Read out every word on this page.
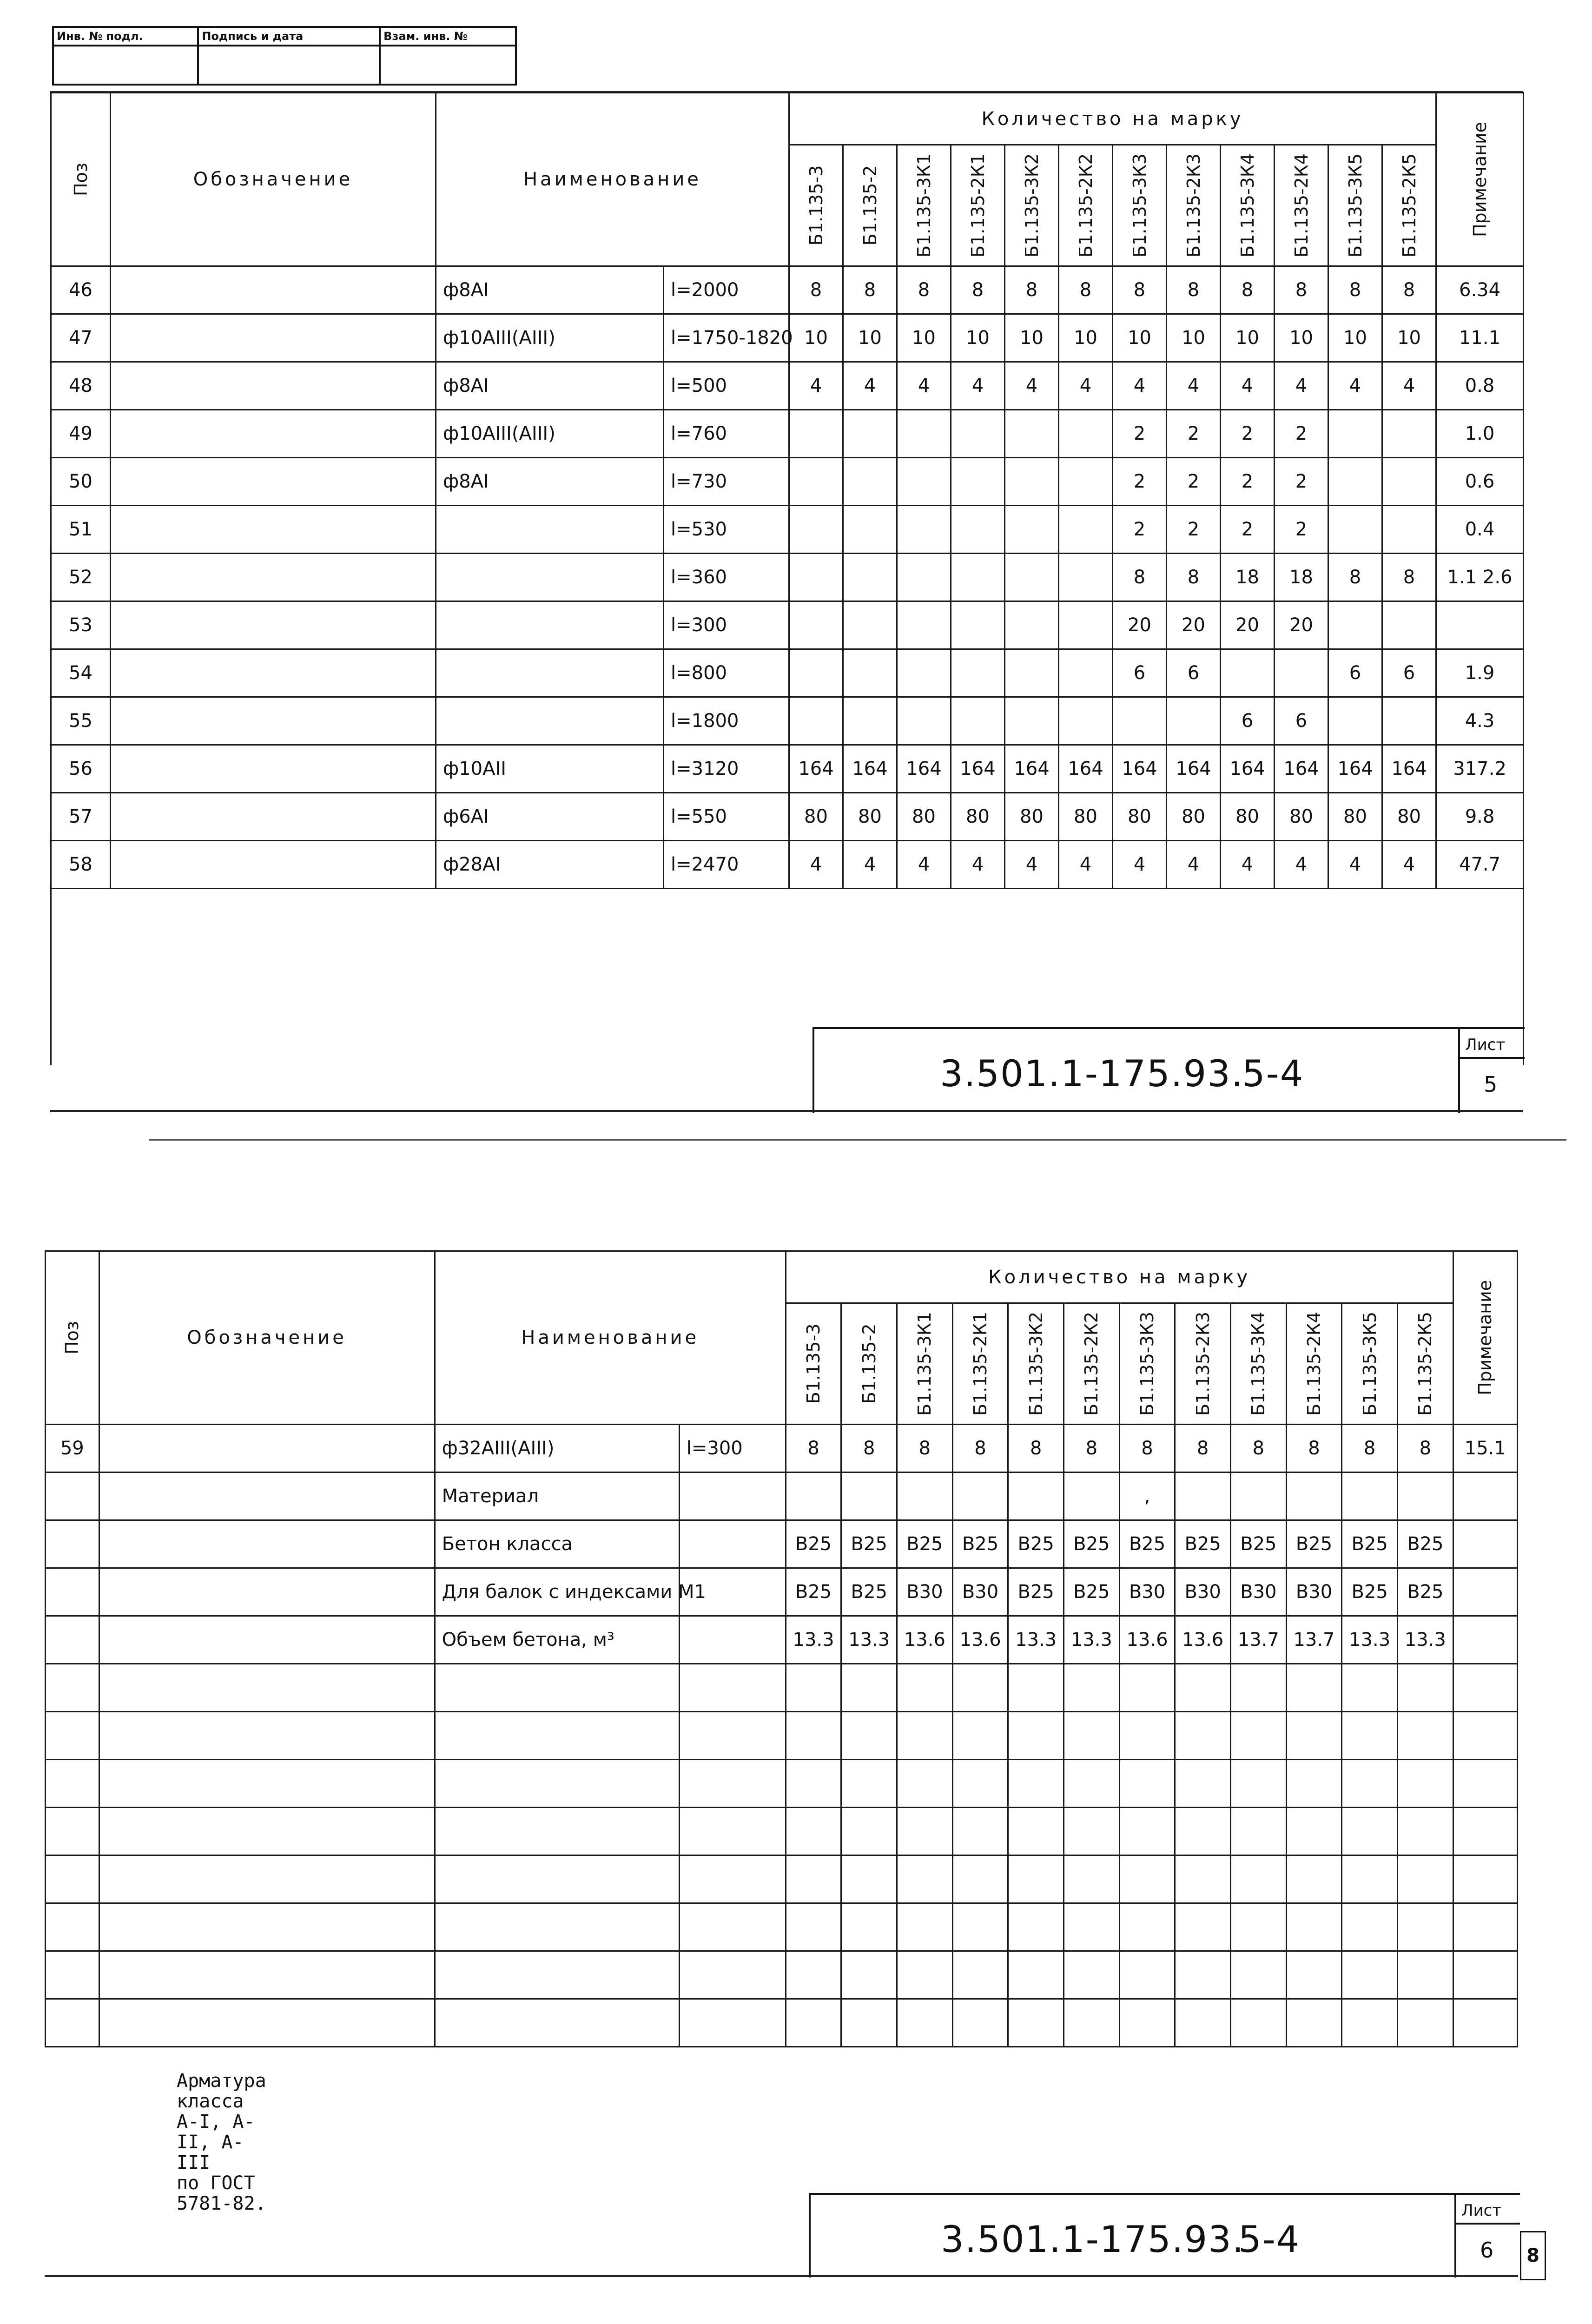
Инв. № подл.	Подпись и дата	Взам. инв. №

Поз	Обозначение	Наименование		Количество на марку												Примечание

				Б1.135-3	Б1.135-2	Б1.135-3К1	Б1.135-2К1	Б1.135-3К2	Б1.135-2К2	Б1.135-3К3	Б1.135-2К3	Б1.135-3К4	Б1.135-2К4	Б1.135-3К5	Б1.135-2К5	

46		ф8AI	l=2000	8	8	8	8	8	8	8	8	8	8	8	8	6.34
47		ф10AIII(AIII)	l=1750-1820	10	10	10	10	10	10	10	10	10	10	10	10	11.1
48		ф8AI	l=500	4	4	4	4	4	4	4	4	4	4	4	4	0.8
49		ф10AIII(AIII)	l=760							2	2	2	2			1.0
50		ф8AI	l=730							2	2	2	2			0.6
51			l=530							2	2	2	2			0.4
52			l=360							8	8	18	18	8	8	1.1 2.6
53			l=300							20	20	20	20			
54			l=800							6	6			6	6	1.9
55			l=1800									6	6			4.3
56		ф10AII	l=3120	164	164	164	164	164	164	164	164	164	164	164	164	317.2
57		ф6AI	l=550	80	80	80	80	80	80	80	80	80	80	80	80	9.8
58		ф28AI	l=2470	4	4	4	4	4	4	4	4	4	4	4	4	47.7

3.501.1-175.93.
5-4
Лист
5
Поз	Обозначение	Наименование		Количество на марку												Примечание

				Б1.135-3	Б1.135-2	Б1.135-3К1	Б1.135-2К1	Б1.135-3К2	Б1.135-2К2	Б1.135-3К3	Б1.135-2К3	Б1.135-3К4	Б1.135-2К4	Б1.135-3К5	Б1.135-2К5	

59		ф32AIII(AIII)	l=300	8	8	8	8	8	8	8	8	8	8	8	8	15.1
		Материал								,						
		Бетон класса		B25	B25	B25	B25	B25	B25	B25	B25	B25	B25	B25	B25	
		Для балок с индексами М1		B25	B25	B30	B30	B25	B25	B30	B30	B30	B30	B25	B25	
		Объем бетона, м³		13.3	13.3	13.6	13.6	13.3	13.3	13.6	13.6	13.7	13.7	13.3	13.3	

Арматура класса А-I, А-II, А-III
по ГОСТ 5781-82.
3.501.1-175.93.
5-4
Лист
6	8
